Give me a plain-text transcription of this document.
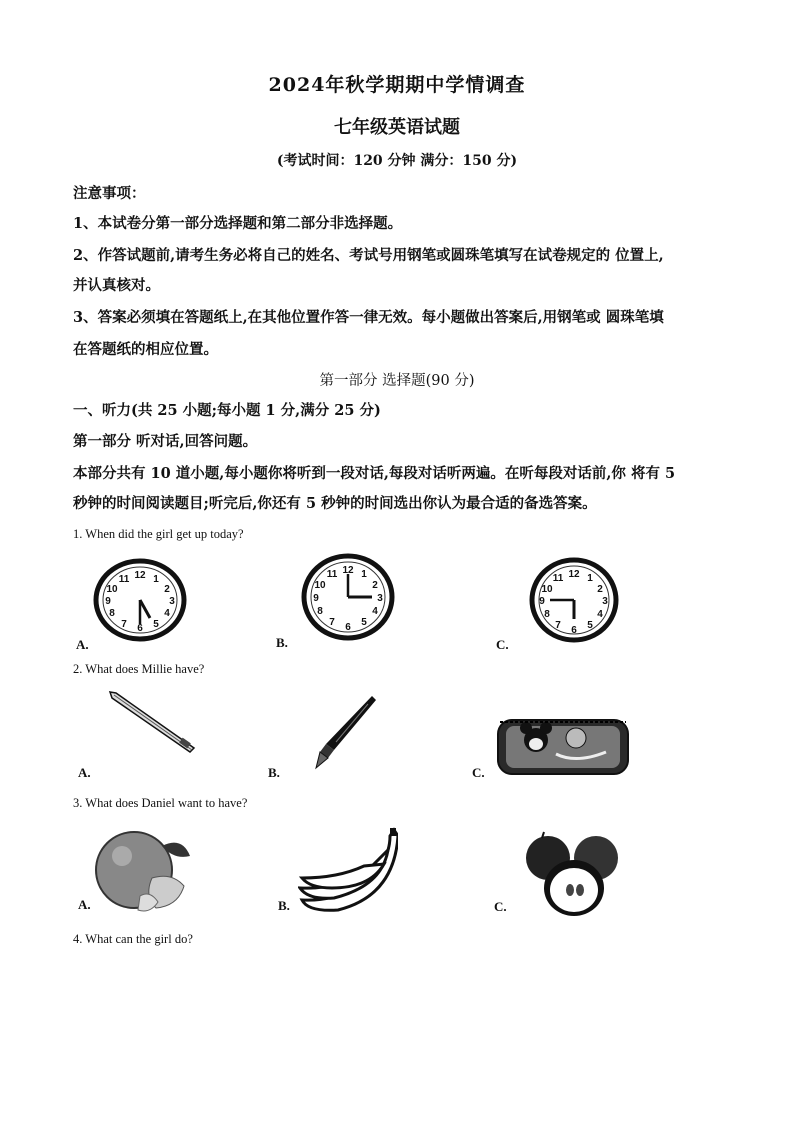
2024年秋学期期中学情调查
七年级英语试题
(考试时间：120 分钟 满分：150 分)
注意事项：
1、本试卷分第一部分选择题和第二部分非选择题。
2、作答试题前,请考生务必将自己的姓名、考试号用钢笔或圆珠笔填写在试卷规定的 位置上,
并认真核对。
3、答案必须填在答题纸上,在其他位置作答一律无效。每小题做出答案后,用钢笔或 圆珠笔填
在答题纸的相应位置。
第一部分 选择题(90 分)
一、听力(共 25 小题;每小题 1 分,满分 25 分)
第一部分 听对话,回答问题。
本部分共有 10 道小题,每小题你将听到一段对话,每段对话听两遍。在听每段对话前,你 将有 5
秒钟的时间阅读题目;听完后,你还有 5 秒钟的时间选出你认为最合适的备选答案。
1. When did the girl get up today?
12 1
2
3
4
5
6
7
8
9
10
11
A.
12 1
2
3
4
5
6
7
8
9
10
11
B.
12 1
2
3
4
5
6
7
8
9
10
11
C.
2. What does Millie have?
A.	B.	C.
3. What does Daniel want to have?
A.	B.	C.
4. What can the girl do?
